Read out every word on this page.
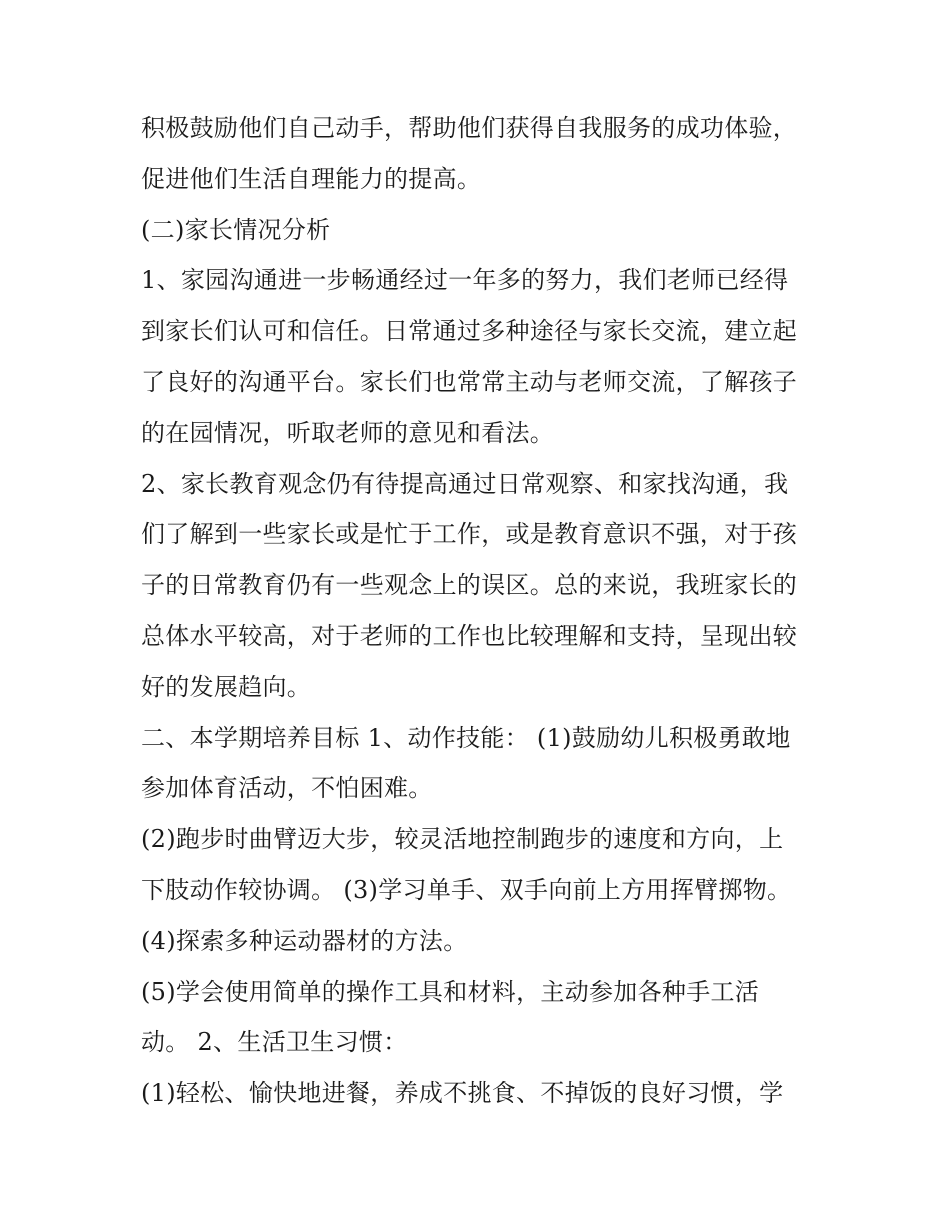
积极鼓励他们自己动手，帮助他们获得自我服务的成功体验，
促进他们生活自理能力的提高。
(二)家长情况分析
1、家园沟通进一步畅通经过一年多的努力，我们老师已经得
到家长们认可和信任。日常通过多种途径与家长交流，建立起
了良好的沟通平台。家长们也常常主动与老师交流，了解孩子
的在园情况，听取老师的意见和看法。
2、家长教育观念仍有待提高通过日常观察、和家找沟通，我
们了解到一些家长或是忙于工作，或是教育意识不强，对于孩
子的日常教育仍有一些观念上的误区。总的来说，我班家长的
总体水平较高，对于老师的工作也比较理解和支持，呈现出较
好的发展趋向。
二、本学期培养目标 1、动作技能： (1)鼓励幼儿积极勇敢地
参加体育活动，不怕困难。
(2)跑步时曲臂迈大步，较灵活地控制跑步的速度和方向，上
下肢动作较协调。 (3)学习单手、双手向前上方用挥臂掷物。
(4)探索多种运动器材的方法。
(5)学会使用简单的操作工具和材料，主动参加各种手工活
动。 2、生活卫生习惯：
(1)轻松、愉快地进餐，养成不挑食、不掉饭的良好习惯，学
